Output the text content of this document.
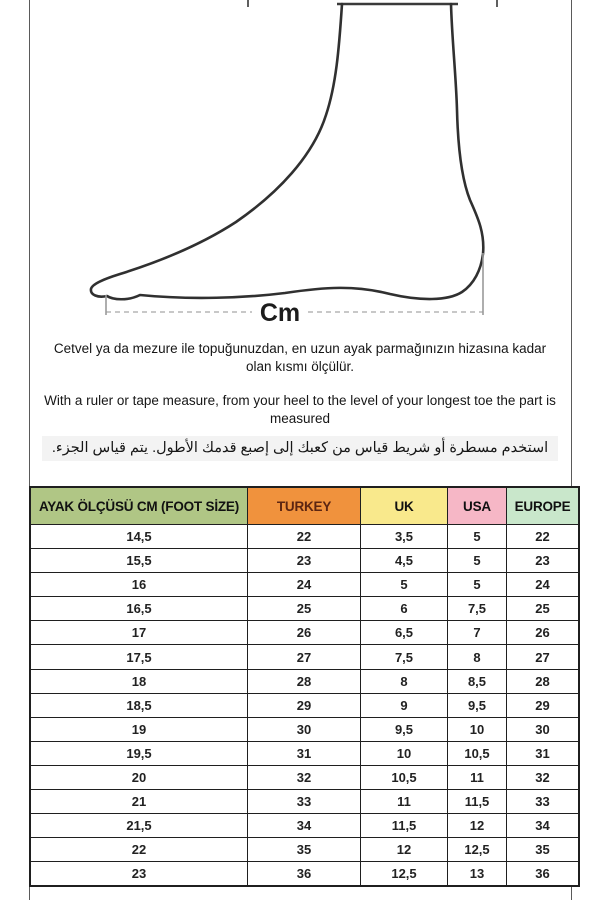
Cm
Cetvel ya da mezure ile topuğunuzdan, en uzun ayak parmağınızın hizasına kadar olan kısmı ölçülür.
With a ruler or tape measure, from your heel to the level of your longest toe the part is measured
استخدم مسطرة أو شريط قياس من كعبك إلى إصبع قدمك الأطول. يتم قياس الجزء.
AYAK ÖLÇÜSÜ CM (FOOT SİZE)	TURKEY	UK	USA	EUROPE
14,5	22	3,5	5	22
15,5	23	4,5	5	23
16	24	5	5	24
16,5	25	6	7,5	25
17	26	6,5	7	26
17,5	27	7,5	8	27
18	28	8	8,5	28
18,5	29	9	9,5	29
19	30	9,5	10	30
19,5	31	10	10,5	31
20	32	10,5	11	32
21	33	11	11,5	33
21,5	34	11,5	12	34
22	35	12	12,5	35
23	36	12,5	13	36
